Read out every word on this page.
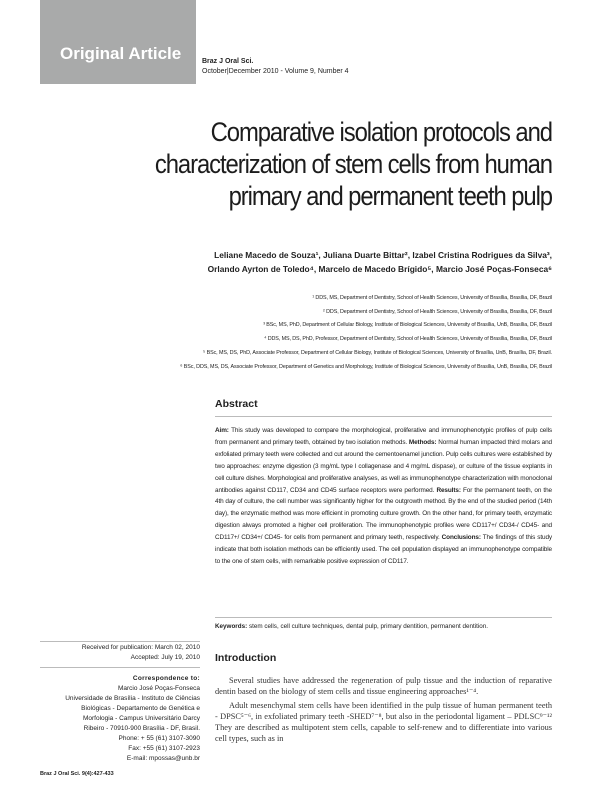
Original Article	Braz J Oral Sci.
October|December 2010 - Volume 9, Number 4
Comparative isolation protocols and characterization of stem cells from human primary and permanent teeth pulp
Leliane Macedo de Souza¹, Juliana Duarte Bittar², Izabel Cristina Rodrigues da Silva³,
Orlando Ayrton de Toledo⁴, Marcelo de Macedo Brígido⁵, Marcio José Poças-Fonseca⁶
¹ DDS, MS, Department of Dentistry, School of Health Sciences, University of Brasília, Brasília, DF, Brazil
² DDS, Department of Dentistry, School of Health Sciences, University of Brasília, Brasília, DF, Brazil
³ BSc, MS, PhD, Department of Cellular Biology, Institute of Biological Sciences, University of Brasília, UnB, Brasília, DF, Brazil
⁴ DDS, MS, DS, PhD, Professor, Department of Dentistry, School of Health Sciences, University of Brasília, Brasília, DF, Brazil
⁵ BSc, MS, DS, PhD, Associate Professor, Department of Cellular Biology, Institute of Biological Sciences, University of Brasília, UnB, Brasília, DF, Brazil.
⁶ BSc, DDS, MS, DS, Associate Professor, Department of Genetics and Morphology, Institute of Biological Sciences, University of Brasília, UnB, Brasília, DF, Brazil
Abstract

Aim: This study was developed to compare the morphological, proliferative and immunophenotypic profiles of pulp cells from permanent and primary teeth, obtained by two isolation methods. Methods: Normal human impacted third molars and exfoliated primary teeth were collected and cut around the cementoenamel junction. Pulp cells cultures were established by two approaches: enzyme digestion (3 mg/mL type I collagenase and 4 mg/mL dispase), or culture of the tissue explants in cell culture dishes. Morphological and proliferative analyses, as well as immunophenotype characterization with monoclonal antibodies against CD117, CD34 and CD45 surface receptors were performed. Results: For the permanent teeth, on the 4th day of culture, the cell number was significantly higher for the outgrowth method. By the end of the studied period (14th day), the enzymatic method was more efficient in promoting culture growth. On the other hand, for primary teeth, enzymatic digestion always promoted a higher cell proliferation. The immunophenotypic profiles were CD117+/ CD34-/ CD45- and CD117+/ CD34+/ CD45- for cells from permanent and primary teeth, respectively. Conclusions: The findings of this study indicate that both isolation methods can be efficiently used. The cell population displayed an immunophenotype compatible to the one of stem cells, with remarkable positive expression of CD117.

Keywords: stem cells, cell culture techniques, dental pulp, primary dentition, permanent dentition.

Received for publication: March 02, 2010
Accepted: July 19, 2010
Correspondence to:
Marcio José Poças-Fonseca
Universidade de Brasília - Instituto de Ciências
Biológicas - Departamento de Genética e
Morfologia - Campus Universitário Darcy
Ribeiro - 70910-900 Brasília - DF, Brasil.
Phone: + 55 (61) 3107-3090
Fax: +55 (61) 3107-2923
E-mail: mpossas@unb.br
Introduction

Several studies have addressed the regeneration of pulp tissue and the induction of reparative dentin based on the biology of stem cells and tissue engineering approaches¹⁻⁴.

Adult mesenchymal stem cells have been identified in the pulp tissue of human permanent teeth - DPSC⁵⁻⁶, in exfoliated primary teeth -SHED⁷⁻⁸, but also in the periodontal ligament – PDLSC⁹⁻¹² They are described as multipotent stem cells, capable to self-renew and to differentiate into various cell types, such as in

Braz J Oral Sci. 9(4):427-433
